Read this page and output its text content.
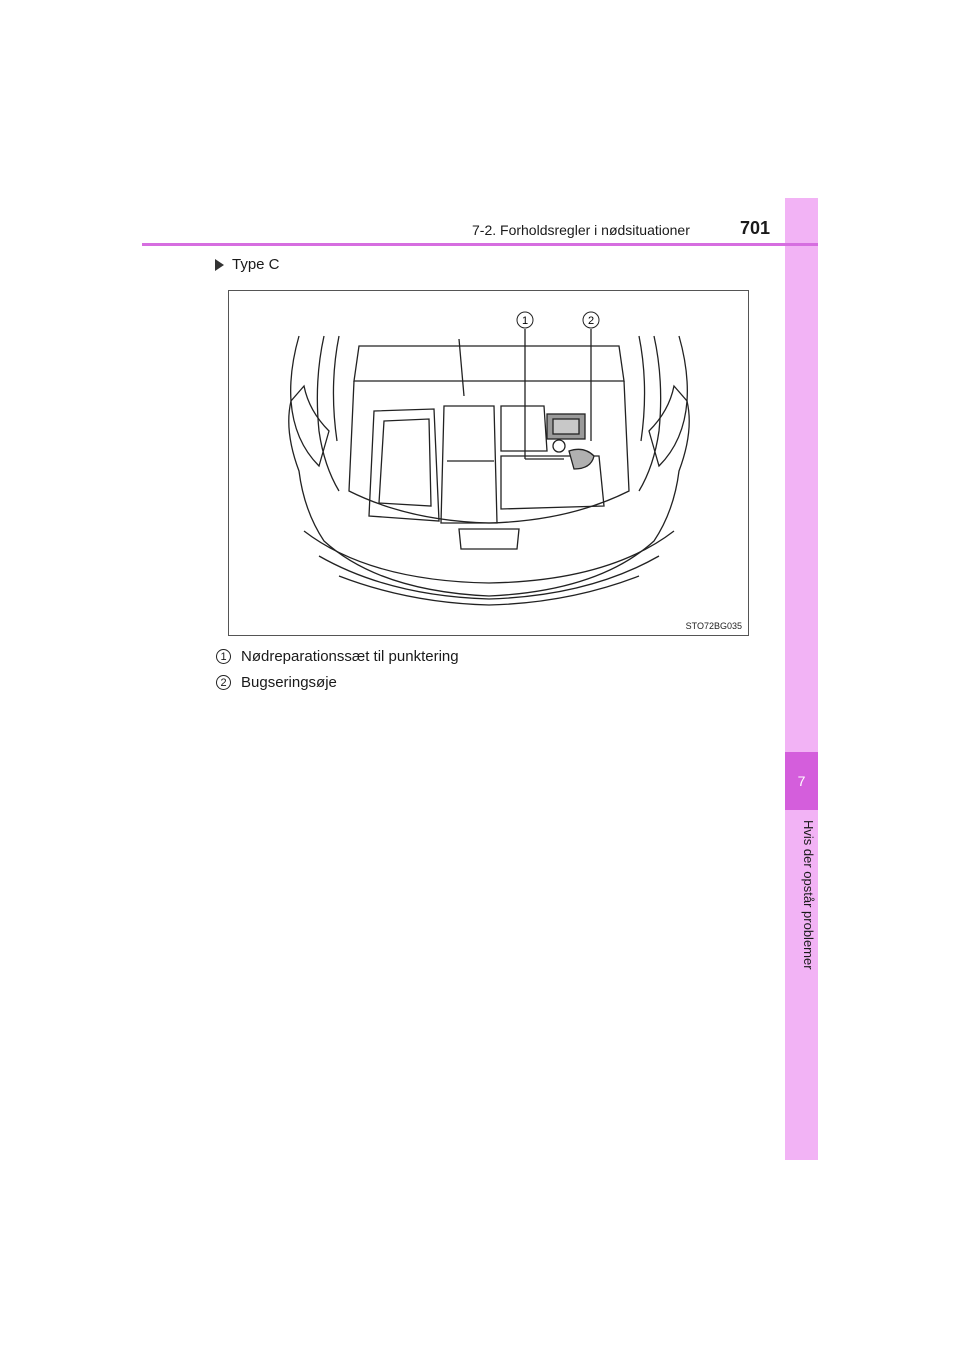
7
Hvis der opstår problemer
7-2. Forholdsregler i nødsituationer	701
Type C
1	2
STO72BG035
1 Nødreparationssæt til punktering
2 Bugseringsøje
